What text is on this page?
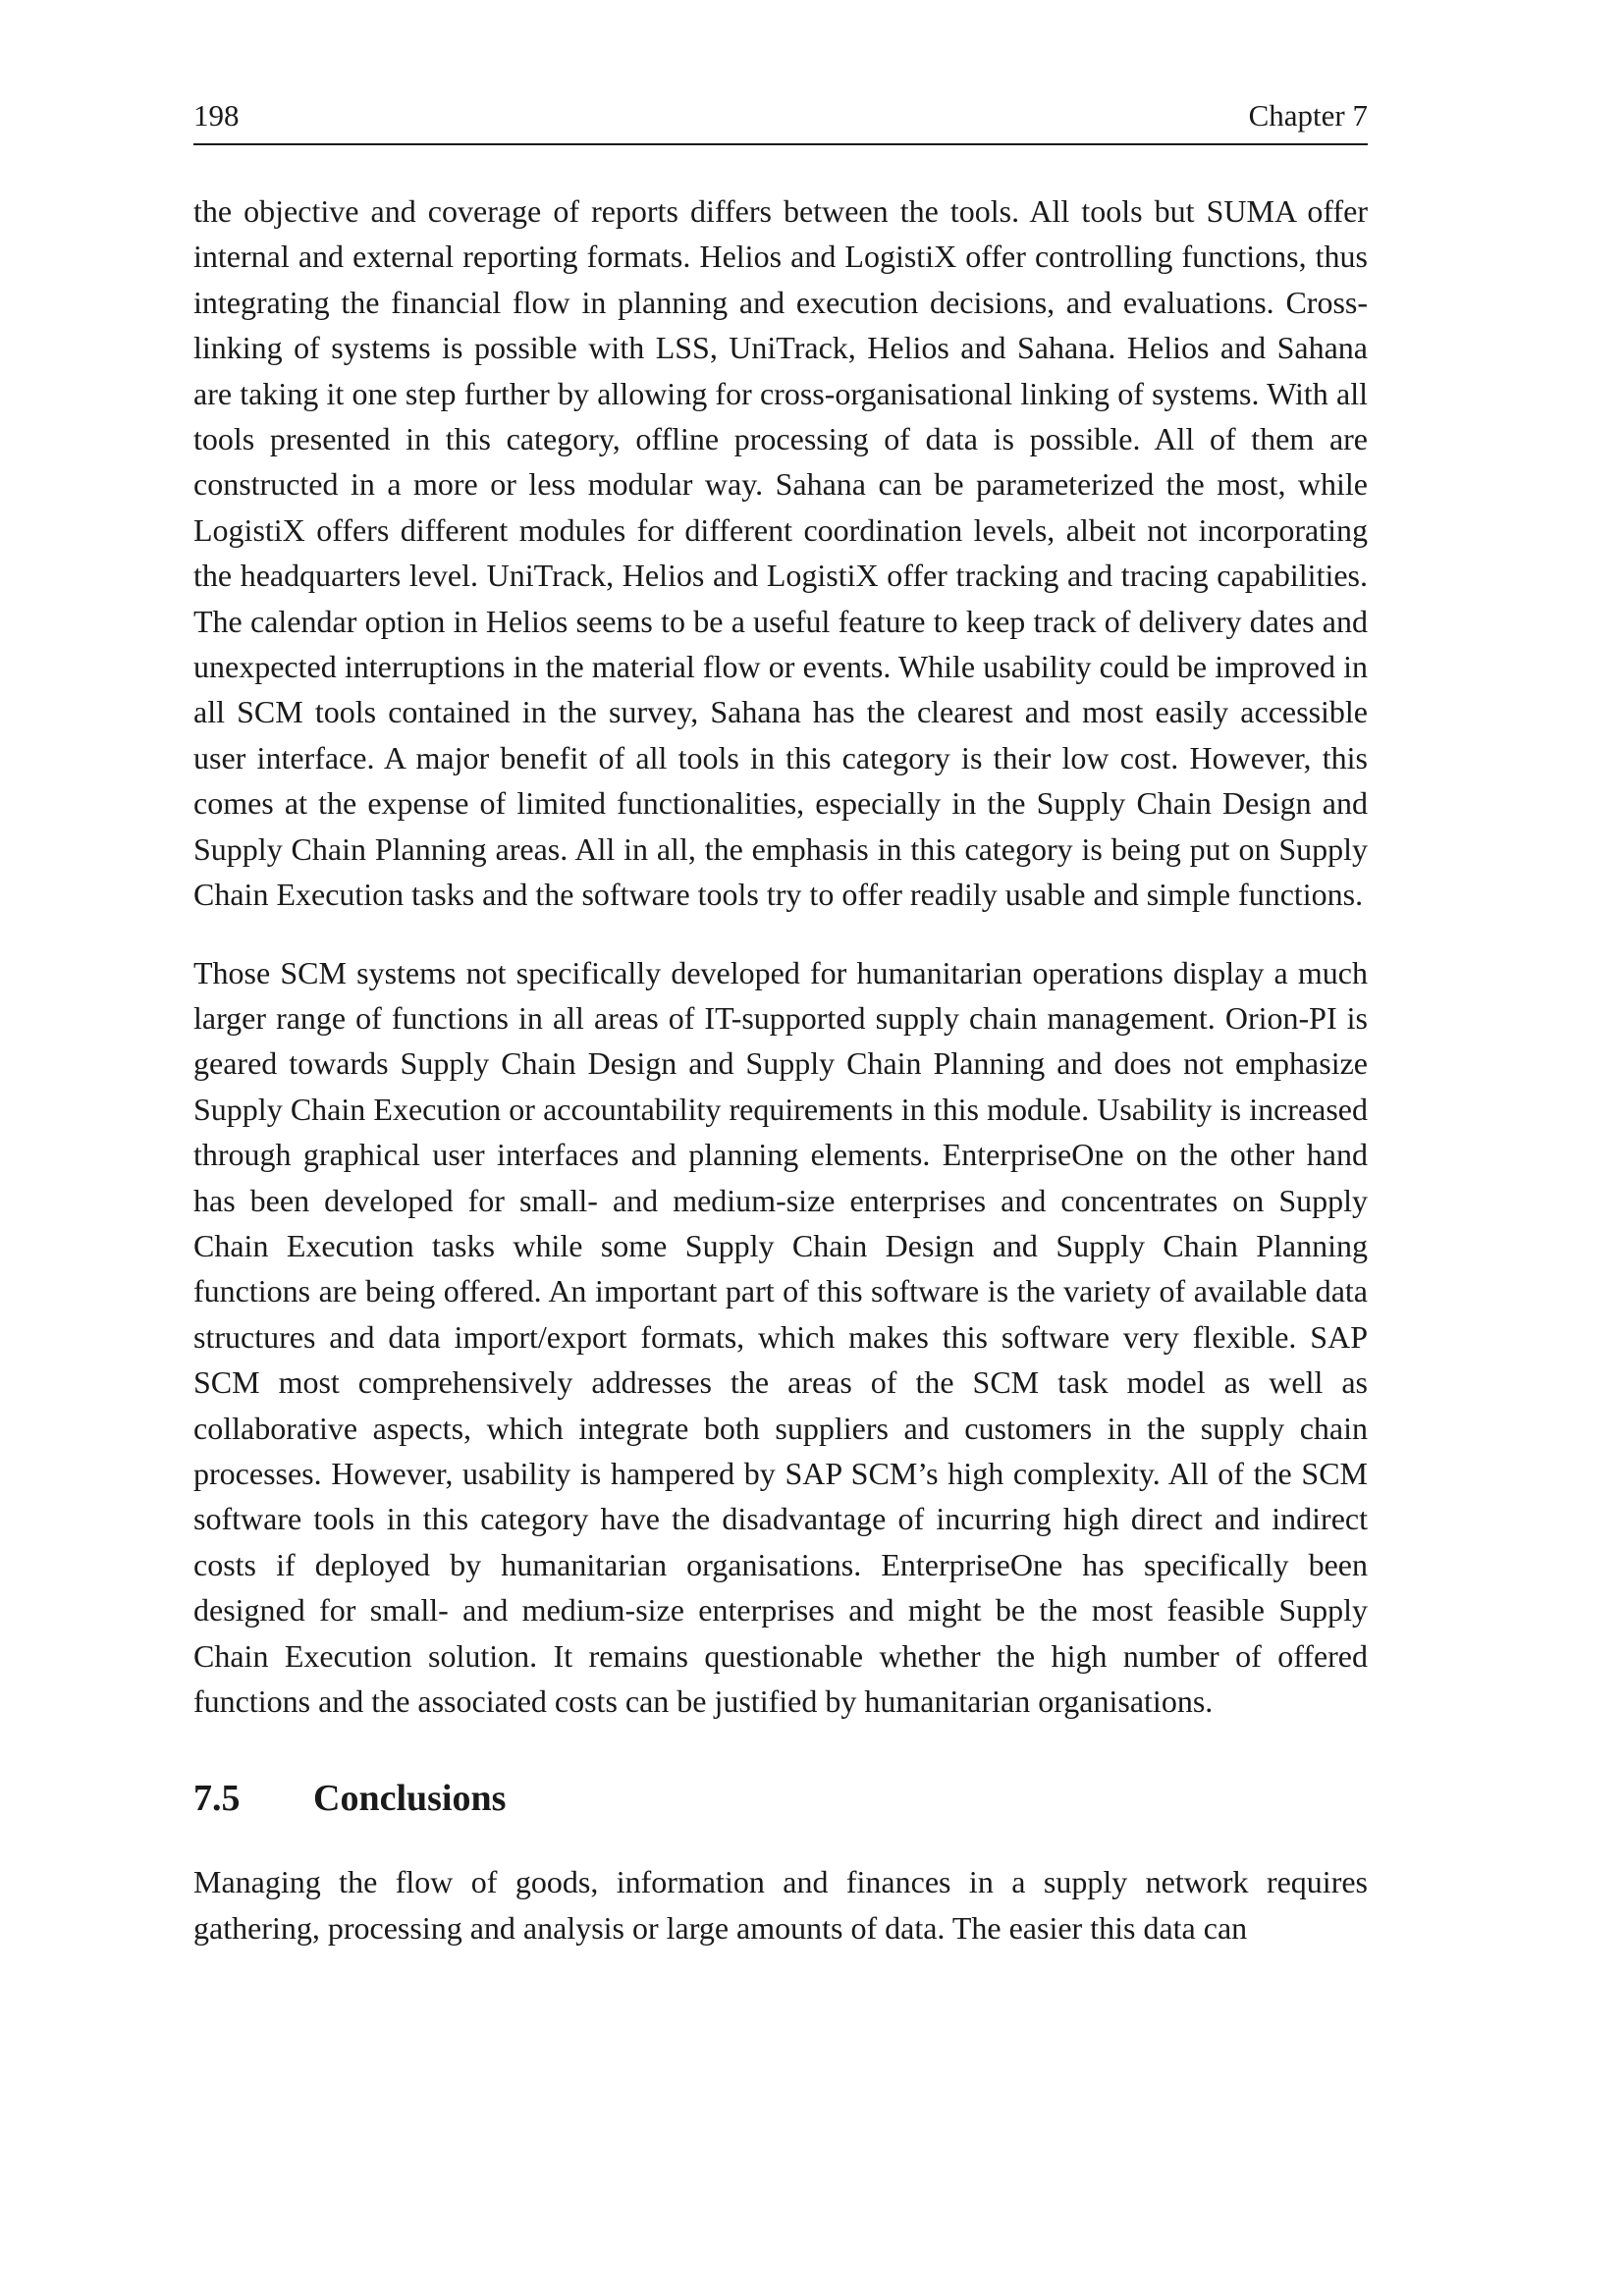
198	Chapter 7

the objective and coverage of reports differs between the tools. All tools but SUMA offer internal and external reporting formats. Helios and LogistiX offer controlling functions, thus integrating the financial flow in planning and execution decisions, and evaluations. Cross-linking of systems is possible with LSS, UniTrack, Helios and Sahana. Helios and Sahana are taking it one step further by allowing for cross-organisational linking of systems. With all tools presented in this category, offline processing of data is possible. All of them are constructed in a more or less modular way. Sahana can be parameterized the most, while LogistiX offers different modules for different coordination levels, albeit not incorporating the headquarters level. UniTrack, Helios and LogistiX offer tracking and tracing capabilities. The calendar option in Helios seems to be a useful feature to keep track of delivery dates and unexpected interruptions in the material flow or events. While usability could be improved in all SCM tools contained in the survey, Sahana has the clearest and most easily accessible user interface. A major benefit of all tools in this category is their low cost. However, this comes at the expense of limited functionalities, especially in the Supply Chain Design and Supply Chain Planning areas. All in all, the emphasis in this category is being put on Supply Chain Execution tasks and the software tools try to offer readily usable and simple functions.

Those SCM systems not specifically developed for humanitarian operations display a much larger range of functions in all areas of IT-supported supply chain management. Orion-PI is geared towards Supply Chain Design and Supply Chain Planning and does not emphasize Supply Chain Execution or accountability requirements in this module. Usability is increased through graphical user interfaces and planning elements. EnterpriseOne on the other hand has been developed for small- and medium-size enterprises and concentrates on Supply Chain Execution tasks while some Supply Chain Design and Supply Chain Planning functions are being offered. An important part of this software is the variety of available data structures and data import/export formats, which makes this software very flexible. SAP SCM most comprehensively addresses the areas of the SCM task model as well as collaborative aspects, which integrate both suppliers and customers in the supply chain processes. However, usability is hampered by SAP SCM’s high complexity. All of the SCM software tools in this category have the disadvantage of incurring high direct and indirect costs if deployed by humanitarian organisations. EnterpriseOne has specifically been designed for small- and medium-size enterprises and might be the most feasible Supply Chain Execution solution. It remains questionable whether the high number of offered functions and the associated costs can be justified by humanitarian organisations.

7.5 Conclusions

Managing the flow of goods, information and finances in a supply network requires gathering, processing and analysis or large amounts of data. The easier this data can
